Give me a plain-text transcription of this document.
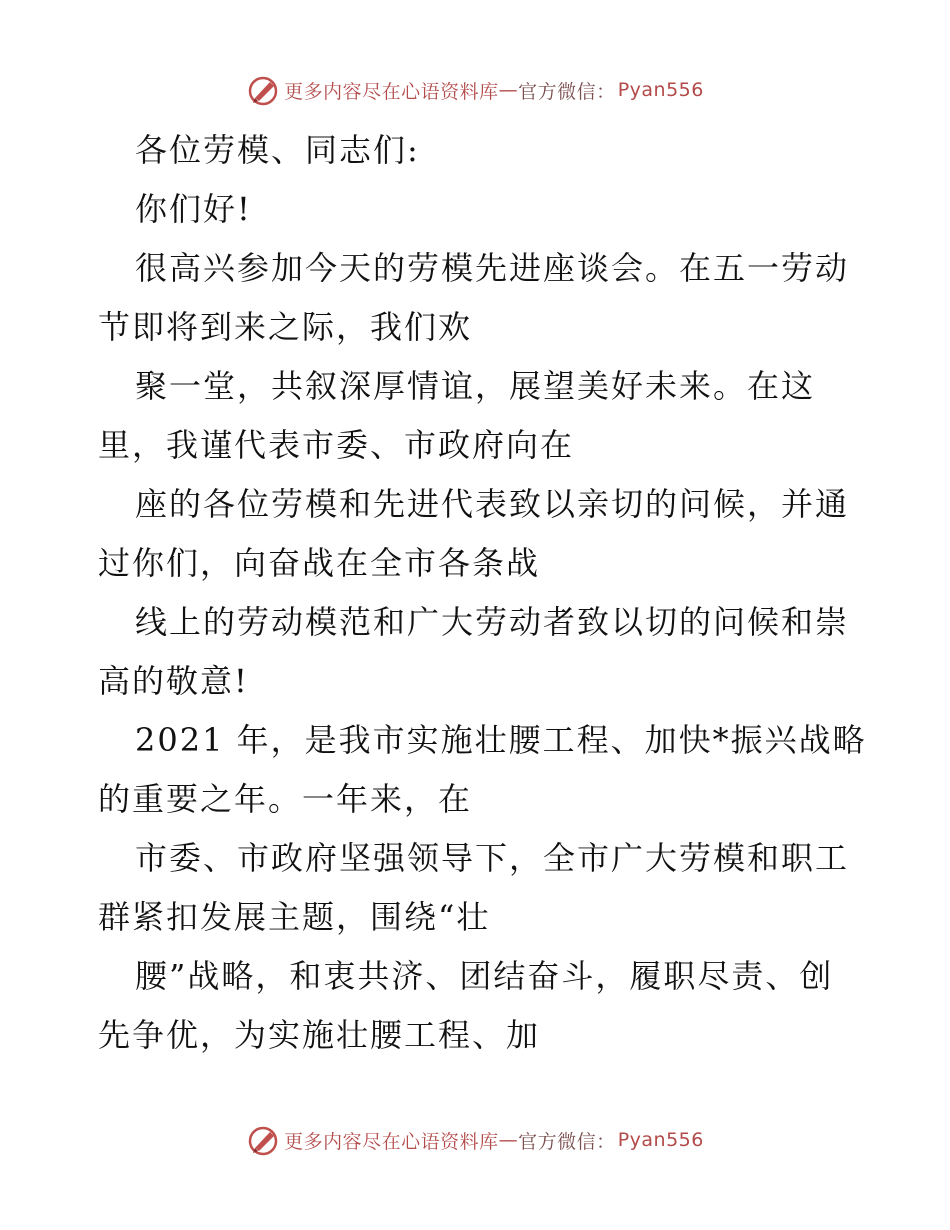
更多内容尽在心语资料库 — 官方微信： Pyan556
各位劳模、同志们:
你们好!
很高兴参加今天的劳模先进座谈会。在五一劳动
节即将到来之际，我们欢
聚一堂，共叙深厚情谊，展望美好未来。在这
里，我谨代表市委、市政府向在
座的各位劳模和先进代表致以亲切的问候，并通
过你们，向奋战在全市各条战
线上的劳动模范和广大劳动者致以切的问候和崇
高的敬意!
2021 年，是我市实施壮腰工程、加快*振兴战略
的重要之年。一年来，在
市委、市政府坚强领导下，全市广大劳模和职工
群紧扣发展主题，围绕“壮
腰”战略，和衷共济、团结奋斗，履职尽责、创
先争优，为实施壮腰工程、加
更多内容尽在心语资料库 — 官方微信： Pyan556
